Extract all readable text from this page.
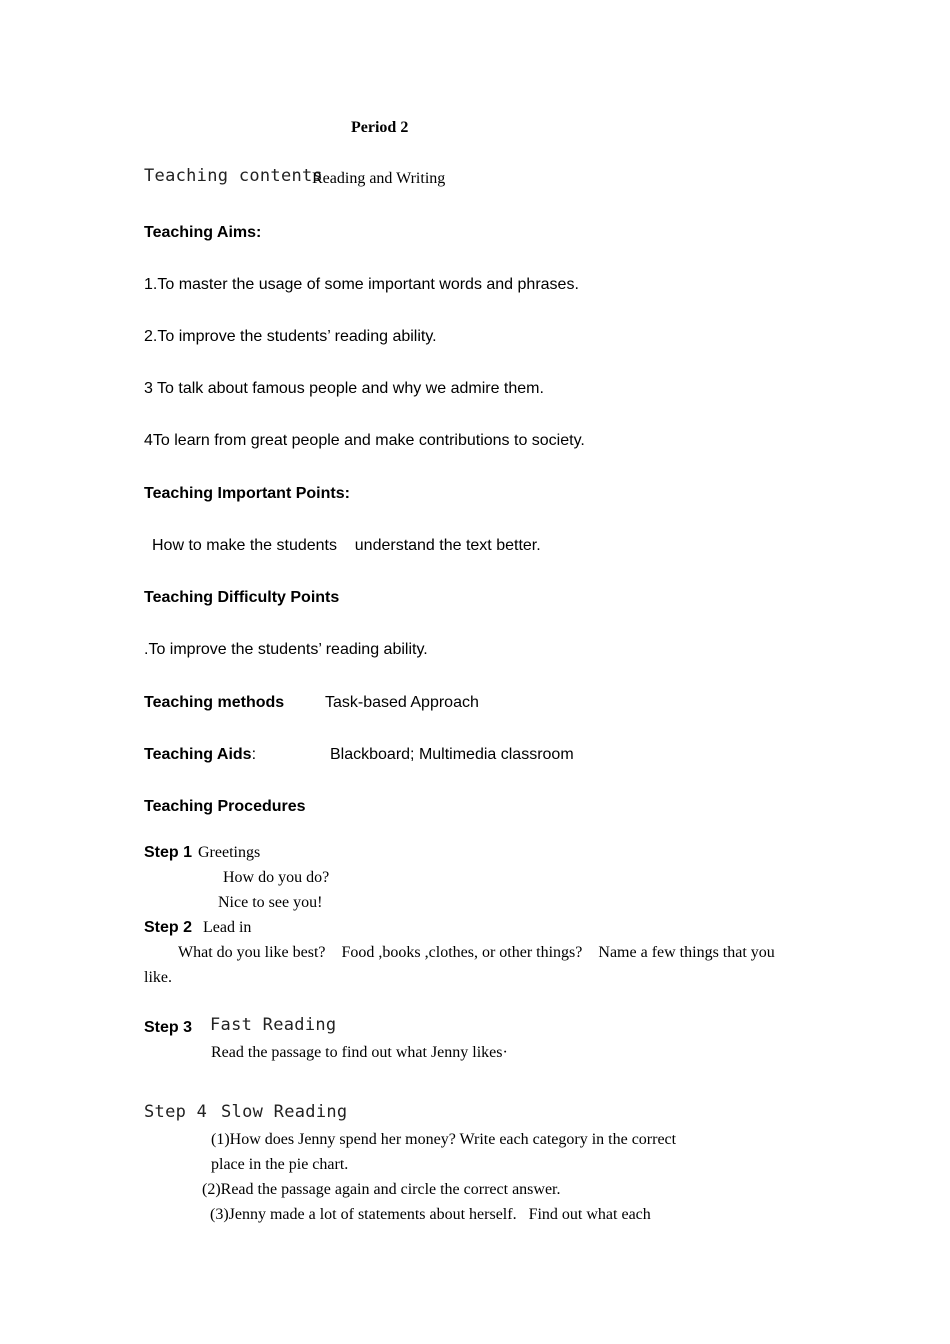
Period 2
Teaching contents
Reading and Writing
Teaching Aims:
1.To master the usage of some important words and phrases.
2.To improve the students’ reading ability.
3 To talk about famous people and why we admire them.
4To learn from great people and make contributions to society.
Teaching Important Points:
How to make the students    understand the text better.
Teaching Difficulty Points
.To improve the students’ reading ability.
Teaching methods	Task-based Approach
Teaching Aids:	Blackboard; Multimedia classroom
Teaching Procedures
Step 1 Greetings
How do you do?
Nice to see you!
Step 2 Lead in
What do you like best?    Food ,books ,clothes, or other things?    Name a few things that you
like.
Step 3 Fast Reading
Read the passage to find out what Jenny likes·
Step 4 Slow Reading
(1)How does Jenny spend her money? Write each category in the correct
place in the pie chart.
(2)Read the passage again and circle the correct answer.
(3)Jenny made a lot of statements about herself.   Find out what each
